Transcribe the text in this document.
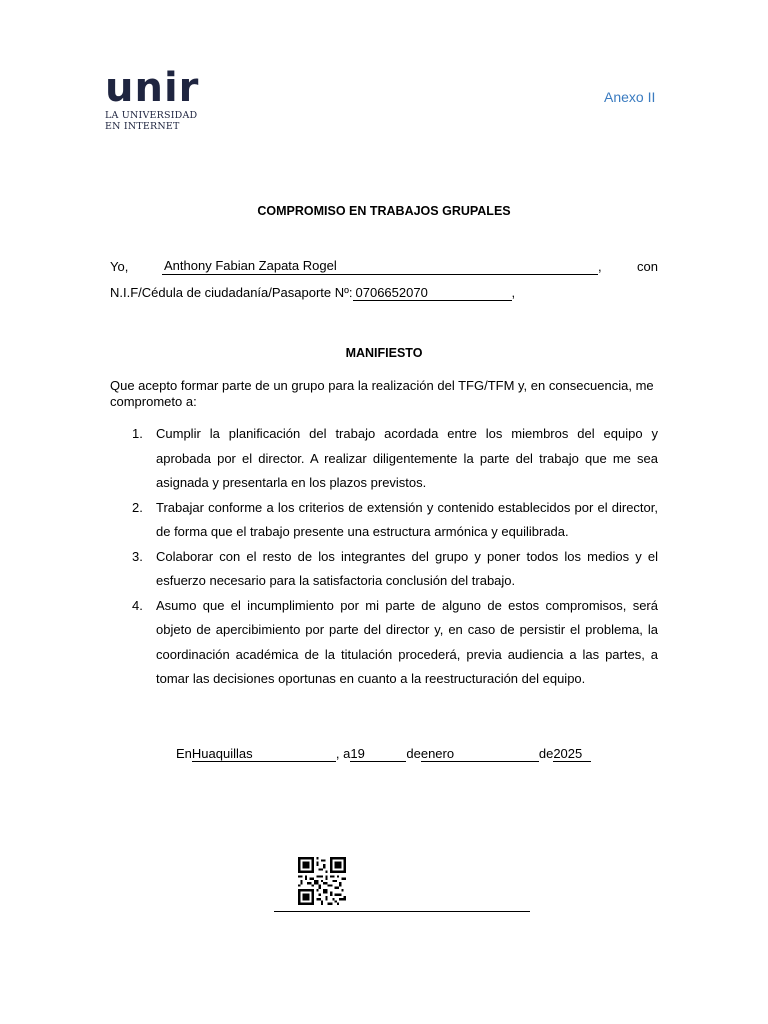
unir
LA UNIVERSIDAD
EN INTERNET
Anexo II
COMPROMISO EN TRABAJOS GRUPALES
Yo,	Anthony Fabian Zapata Rogel	,	con
N.I.F/Cédula de ciudadanía/Pasaporte Nº: 0706652070	,
MANIFIESTO
Que acepto formar parte de un grupo para la realización del TFG/TFM y, en consecuencia, me comprometo a:
1. Cumplir la planificación del trabajo acordada entre los miembros del equipo y aprobada por el director. A realizar diligentemente la parte del trabajo que me sea asignada y presentarla en los plazos previstos.
2. Trabajar conforme a los criterios de extensión y contenido establecidos por el director, de forma que el trabajo presente una estructura armónica y equilibrada.
3. Colaborar con el resto de los integrantes del grupo y poner todos los medios y el esfuerzo necesario para la satisfactoria conclusión del trabajo.
4. Asumo que el incumplimiento por mi parte de alguno de estos compromisos, será objeto de apercibimiento por parte del director y, en caso de persistir el problema, la coordinación académica de la titulación procederá, previa audiencia a las partes, a tomar las decisiones oportunas en cuanto a la reestructuración del equipo.
EnHuaquillas	, a19	deenero	de2025
